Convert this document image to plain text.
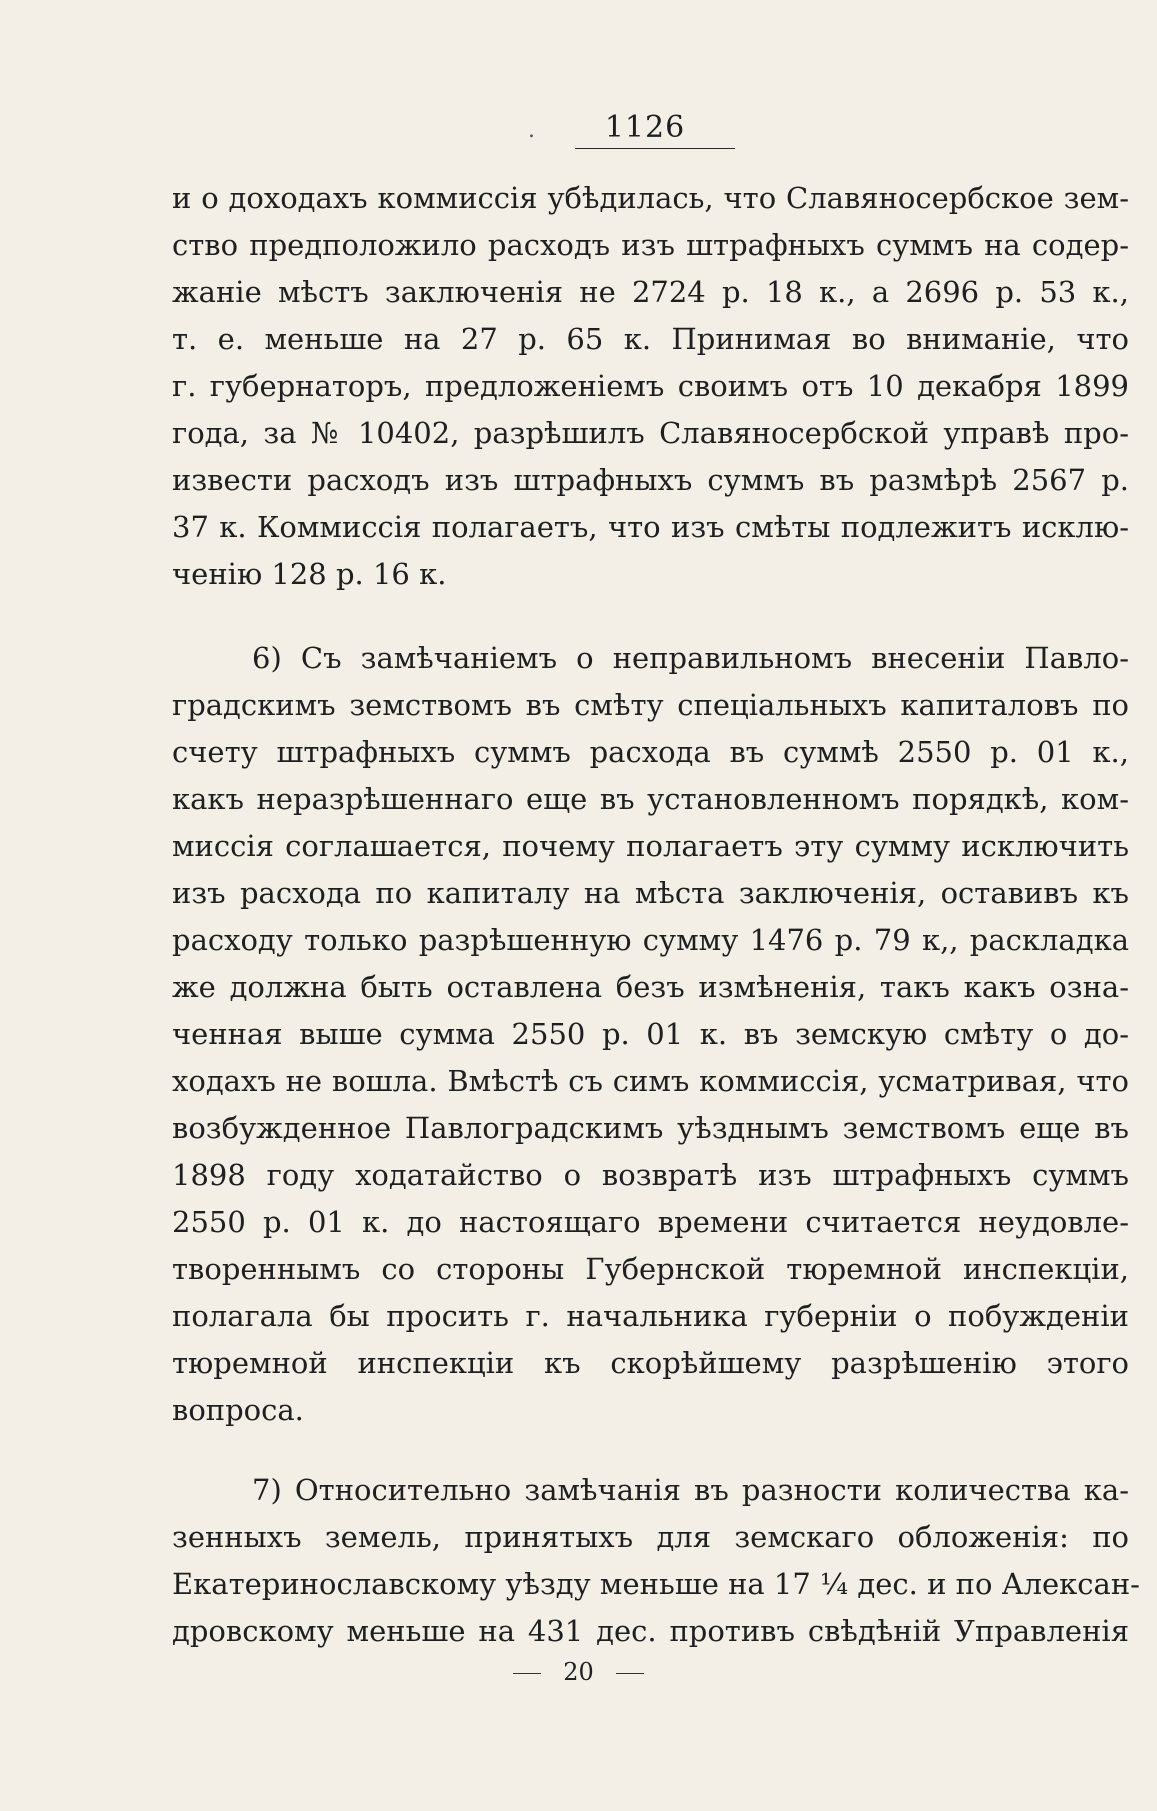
.	1126
и о доходахъ коммиссія убѣдилась, что Славяносербское зем-
ство предположило расходъ изъ штрафныхъ суммъ на содер-
жаніе мѣстъ заключенія не 2724 р. 18 к., а 2696 р. 53 к.,
т. е. меньше на 27 р. 65 к. Принимая во вниманіе, что
г. губернаторъ, предложеніемъ своимъ отъ 10 декабря 1899
года, за № 10402, разрѣшилъ Славяносербской управѣ про-
извести расходъ изъ штрафныхъ суммъ въ размѣрѣ 2567 р.
37 к. Коммиссія полагаетъ, что изъ смѣты подлежитъ исклю-
ченію 128 р. 16 к.
6) Съ замѣчаніемъ о неправильномъ внесеніи Павло-
градскимъ земствомъ въ смѣту спеціальныхъ капиталовъ по
счету штрафныхъ суммъ расхода въ суммѣ 2550 р. 01 к.,
какъ неразрѣшеннаго еще въ установленномъ порядкѣ, ком-
миссія соглашается, почему полагаетъ эту сумму исключить
изъ расхода по капиталу на мѣста заключенія, оставивъ къ
расходу только разрѣшенную сумму 1476 р. 79 к,, раскладка
же должна быть оставлена безъ измѣненія, такъ какъ озна-
ченная выше сумма 2550 р. 01 к. въ земскую смѣту о до-
ходахъ не вошла. Вмѣстѣ съ симъ коммиссія, усматривая, что
возбужденное Павлоградскимъ уѣзднымъ земствомъ еще въ
1898 году ходатайство о возвратѣ изъ штрафныхъ суммъ
2550 р. 01 к. до настоящаго времени считается неудовле-
твореннымъ со стороны Губернской тюремной инспекціи,
полагала бы просить г. начальника губерніи о побужденіи
тюремной инспекціи къ скорѣйшему разрѣшенію этого
вопроса.
7) Относительно замѣчанія въ разности количества ка-
зенныхъ земель, принятыхъ для земскаго обложенія: по
Екатеринославскому уѣзду меньше на 17 ¼ дес. и по Алексан-
дровскому меньше на 431 дес. противъ свѣдѣній Управленія
20
